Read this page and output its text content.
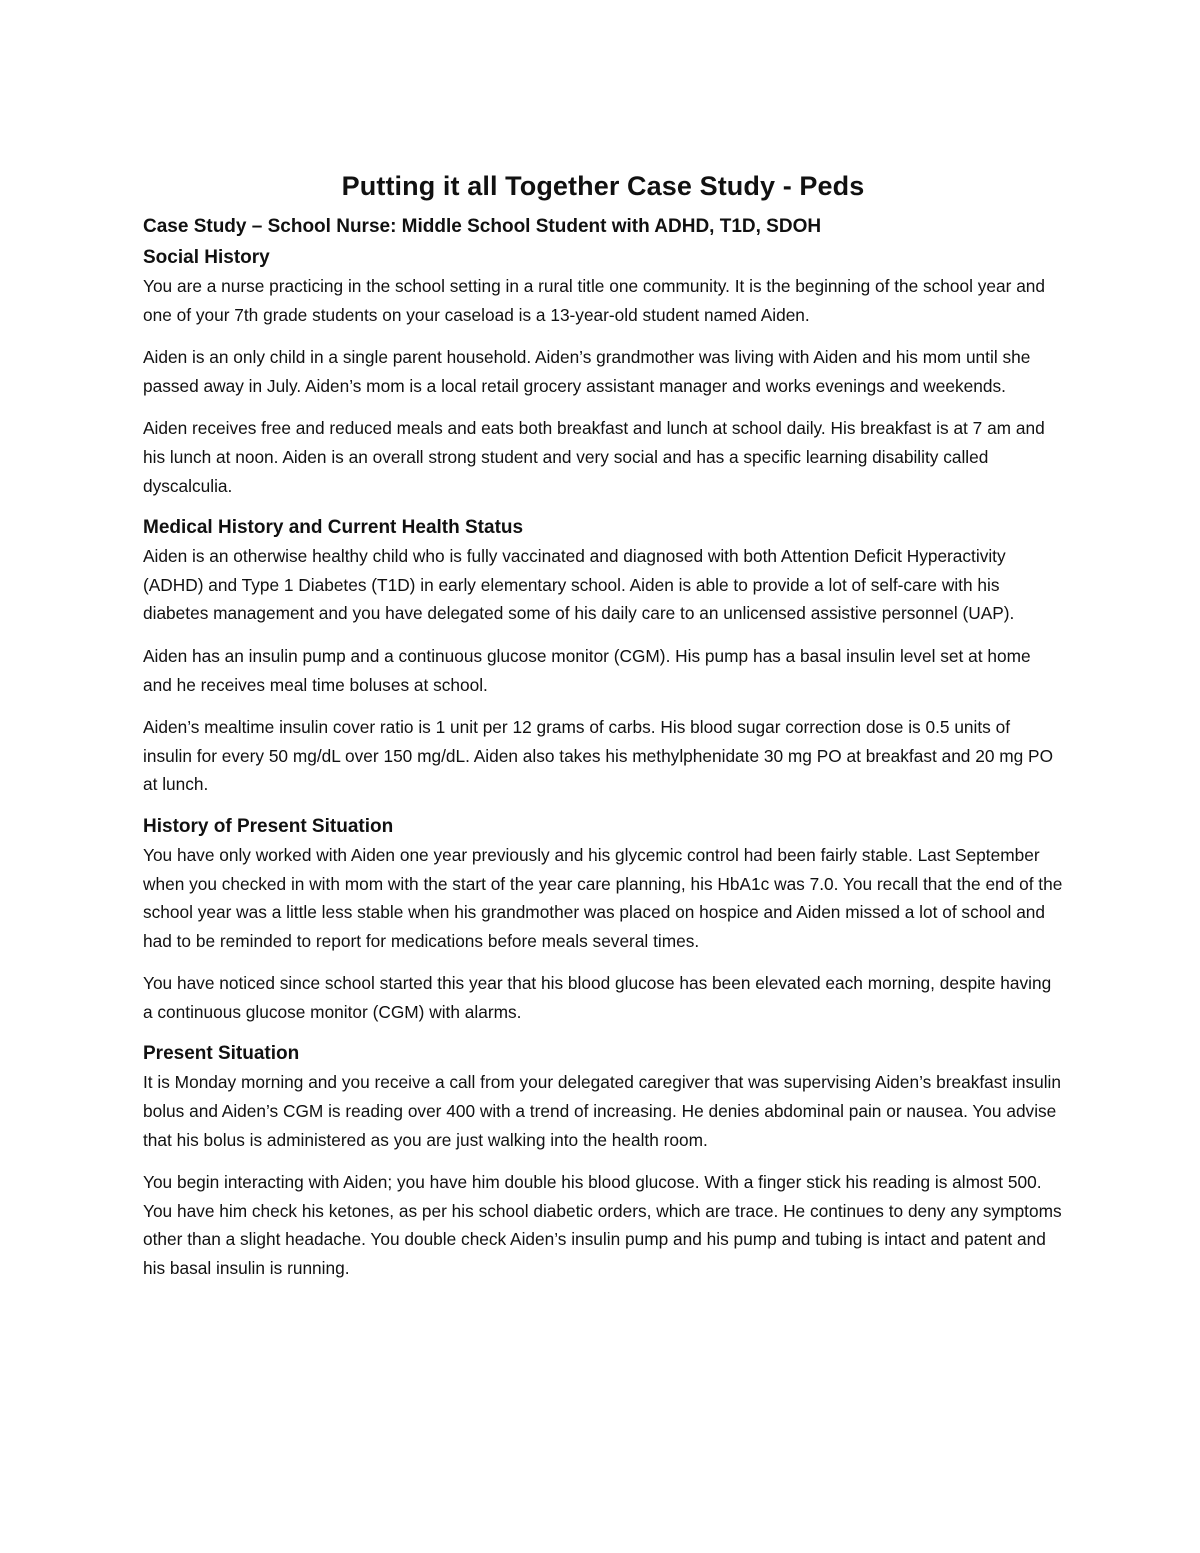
Putting it all Together Case Study - Peds
Case Study – School Nurse: Middle School Student with ADHD, T1D, SDOH
Social History

You are a nurse practicing in the school setting in a rural title one community. It is the beginning of the school year and one of your 7th grade students on your caseload is a 13-year-old student named Aiden.

Aiden is an only child in a single parent household. Aiden’s grandmother was living with Aiden and his mom until she passed away in July. Aiden’s mom is a local retail grocery assistant manager and works evenings and weekends.

Aiden receives free and reduced meals and eats both breakfast and lunch at school daily. His breakfast is at 7 am and his lunch at noon. Aiden is an overall strong student and very social and has a specific learning disability called dyscalculia.

Medical History and Current Health Status

Aiden is an otherwise healthy child who is fully vaccinated and diagnosed with both Attention Deficit Hyperactivity (ADHD) and Type 1 Diabetes (T1D) in early elementary school. Aiden is able to provide a lot of self-care with his diabetes management and you have delegated some of his daily care to an unlicensed assistive personnel (UAP).

Aiden has an insulin pump and a continuous glucose monitor (CGM). His pump has a basal insulin level set at home and he receives meal time boluses at school.

Aiden’s mealtime insulin cover ratio is 1 unit per 12 grams of carbs. His blood sugar correction dose is 0.5 units of insulin for every 50 mg/dL over 150 mg/dL. Aiden also takes his methylphenidate 30 mg PO at breakfast and 20 mg PO at lunch.

History of Present Situation

You have only worked with Aiden one year previously and his glycemic control had been fairly stable. Last September when you checked in with mom with the start of the year care planning, his HbA1c was 7.0. You recall that the end of the school year was a little less stable when his grandmother was placed on hospice and Aiden missed a lot of school and had to be reminded to report for medications before meals several times.

You have noticed since school started this year that his blood glucose has been elevated each morning, despite having a continuous glucose monitor (CGM) with alarms.

Present Situation

It is Monday morning and you receive a call from your delegated caregiver that was supervising Aiden’s breakfast insulin bolus and Aiden’s CGM is reading over 400 with a trend of increasing. He denies abdominal pain or nausea. You advise that his bolus is administered as you are just walking into the health room.

You begin interacting with Aiden; you have him double his blood glucose. With a finger stick his reading is almost 500. You have him check his ketones, as per his school diabetic orders, which are trace. He continues to deny any symptoms other than a slight headache. You double check Aiden’s insulin pump and his pump and tubing is intact and patent and his basal insulin is running.
